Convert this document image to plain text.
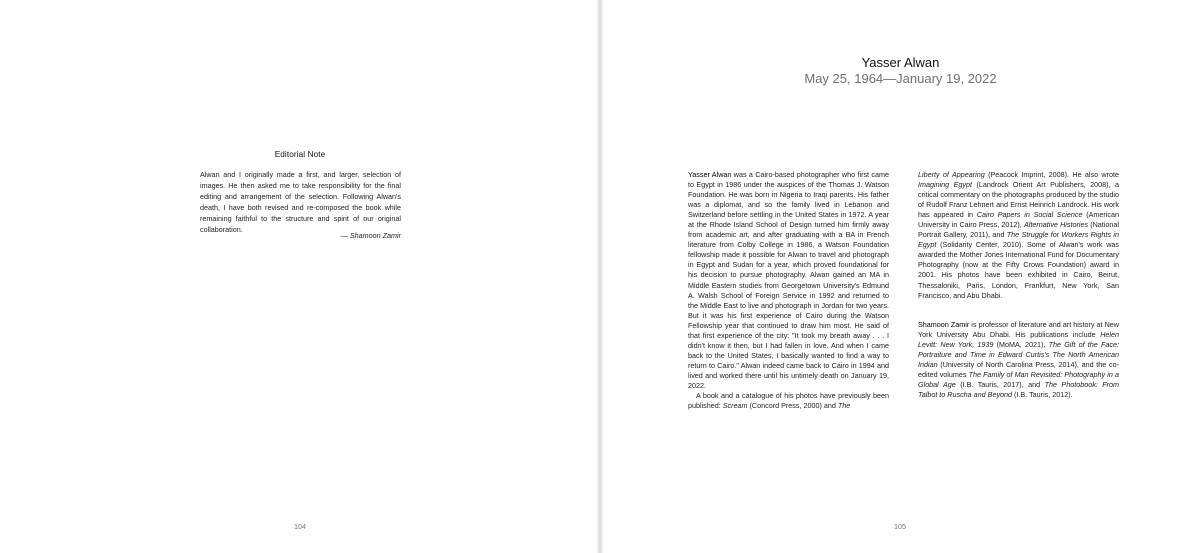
Editorial Note
Alwan and I originally made a first, and larger, selection of images. He then asked me to take responsibility for the final editing and arrangement of the selection. Following Alwan's death, I have both revised and re-composed the book while remaining faithful to the structure and spirit of our original collaboration.
— Shamoon Zamir
104
Yasser Alwan
May 25, 1964—January 19, 2022

Yasser Alwan was a Cairo-based photographer who first came to Egypt in 1986 under the auspices of the Thomas J. Watson Foundation. He was born in Nigeria to Iraqi parents. His father was a diplomat, and so the family lived in Lebanon and Switzerland before settling in the United States in 1972. A year at the Rhode Island School of Design turned him firmly away from academic art, and after graduating with a BA in French literature from Colby College in 1986, a Watson Foundation fellowship made it possible for Alwan to travel and photograph in Egypt and Sudan for a year, which proved foundational for his decision to pursue photography. Alwan gained an MA in Middle Eastern studies from Georgetown University's Edmund A. Walsh School of Foreign Service in 1992 and returned to the Middle East to live and photograph in Jordan for two years. But it was his first experience of Cairo during the Watson Fellowship year that continued to draw him most. He said of that first experience of the city: "It took my breath away . . . I didn't know it then, but I had fallen in love. And when I came back to the United States, I basically wanted to find a way to return to Cairo." Alwan indeed came back to Cairo in 1994 and lived and worked there until his untimely death on January 19, 2022.

A book and a catalogue of his photos have previously been published: Scream (Concord Press, 2000) and The

Liberty of Appearing (Peacock Imprint, 2008). He also wrote Imagining Egypt (Landrock Orient Art Publishers, 2008), a critical commentary on the photographs produced by the studio of Rudolf Franz Lehnert and Ernst Heinrich Landrock. His work has appeared in Cairo Papers in Social Science (American University in Cairo Press, 2012), Alternative Histories (National Portrait Gallery, 2011), and The Struggle for Workers Rights in Egypt (Solidarity Center, 2010). Some of Alwan's work was awarded the Mother Jones International Fund for Documentary Photography (now at the Fifty Crows Foundation) award in 2001. His photos have been exhibited in Cairo, Beirut, Thessaloniki, Paris, London, Frankfurt, New York, San Francisco, and Abu Dhabi.

Shamoon Zamir is professor of literature and art history at New York University Abu Dhabi. His publications include Helen Levitt: New York, 1939 (MoMA, 2021), The Gift of the Face: Portraiture and Time in Edward Curtis's The North American Indian (University of North Carolina Press, 2014), and the co-edited volumes The Family of Man Revisited: Photography in a Global Age (I.B. Tauris, 2017), and The Photobook: From Talbot to Ruscha and Beyond (I.B. Tauris, 2012).
105
